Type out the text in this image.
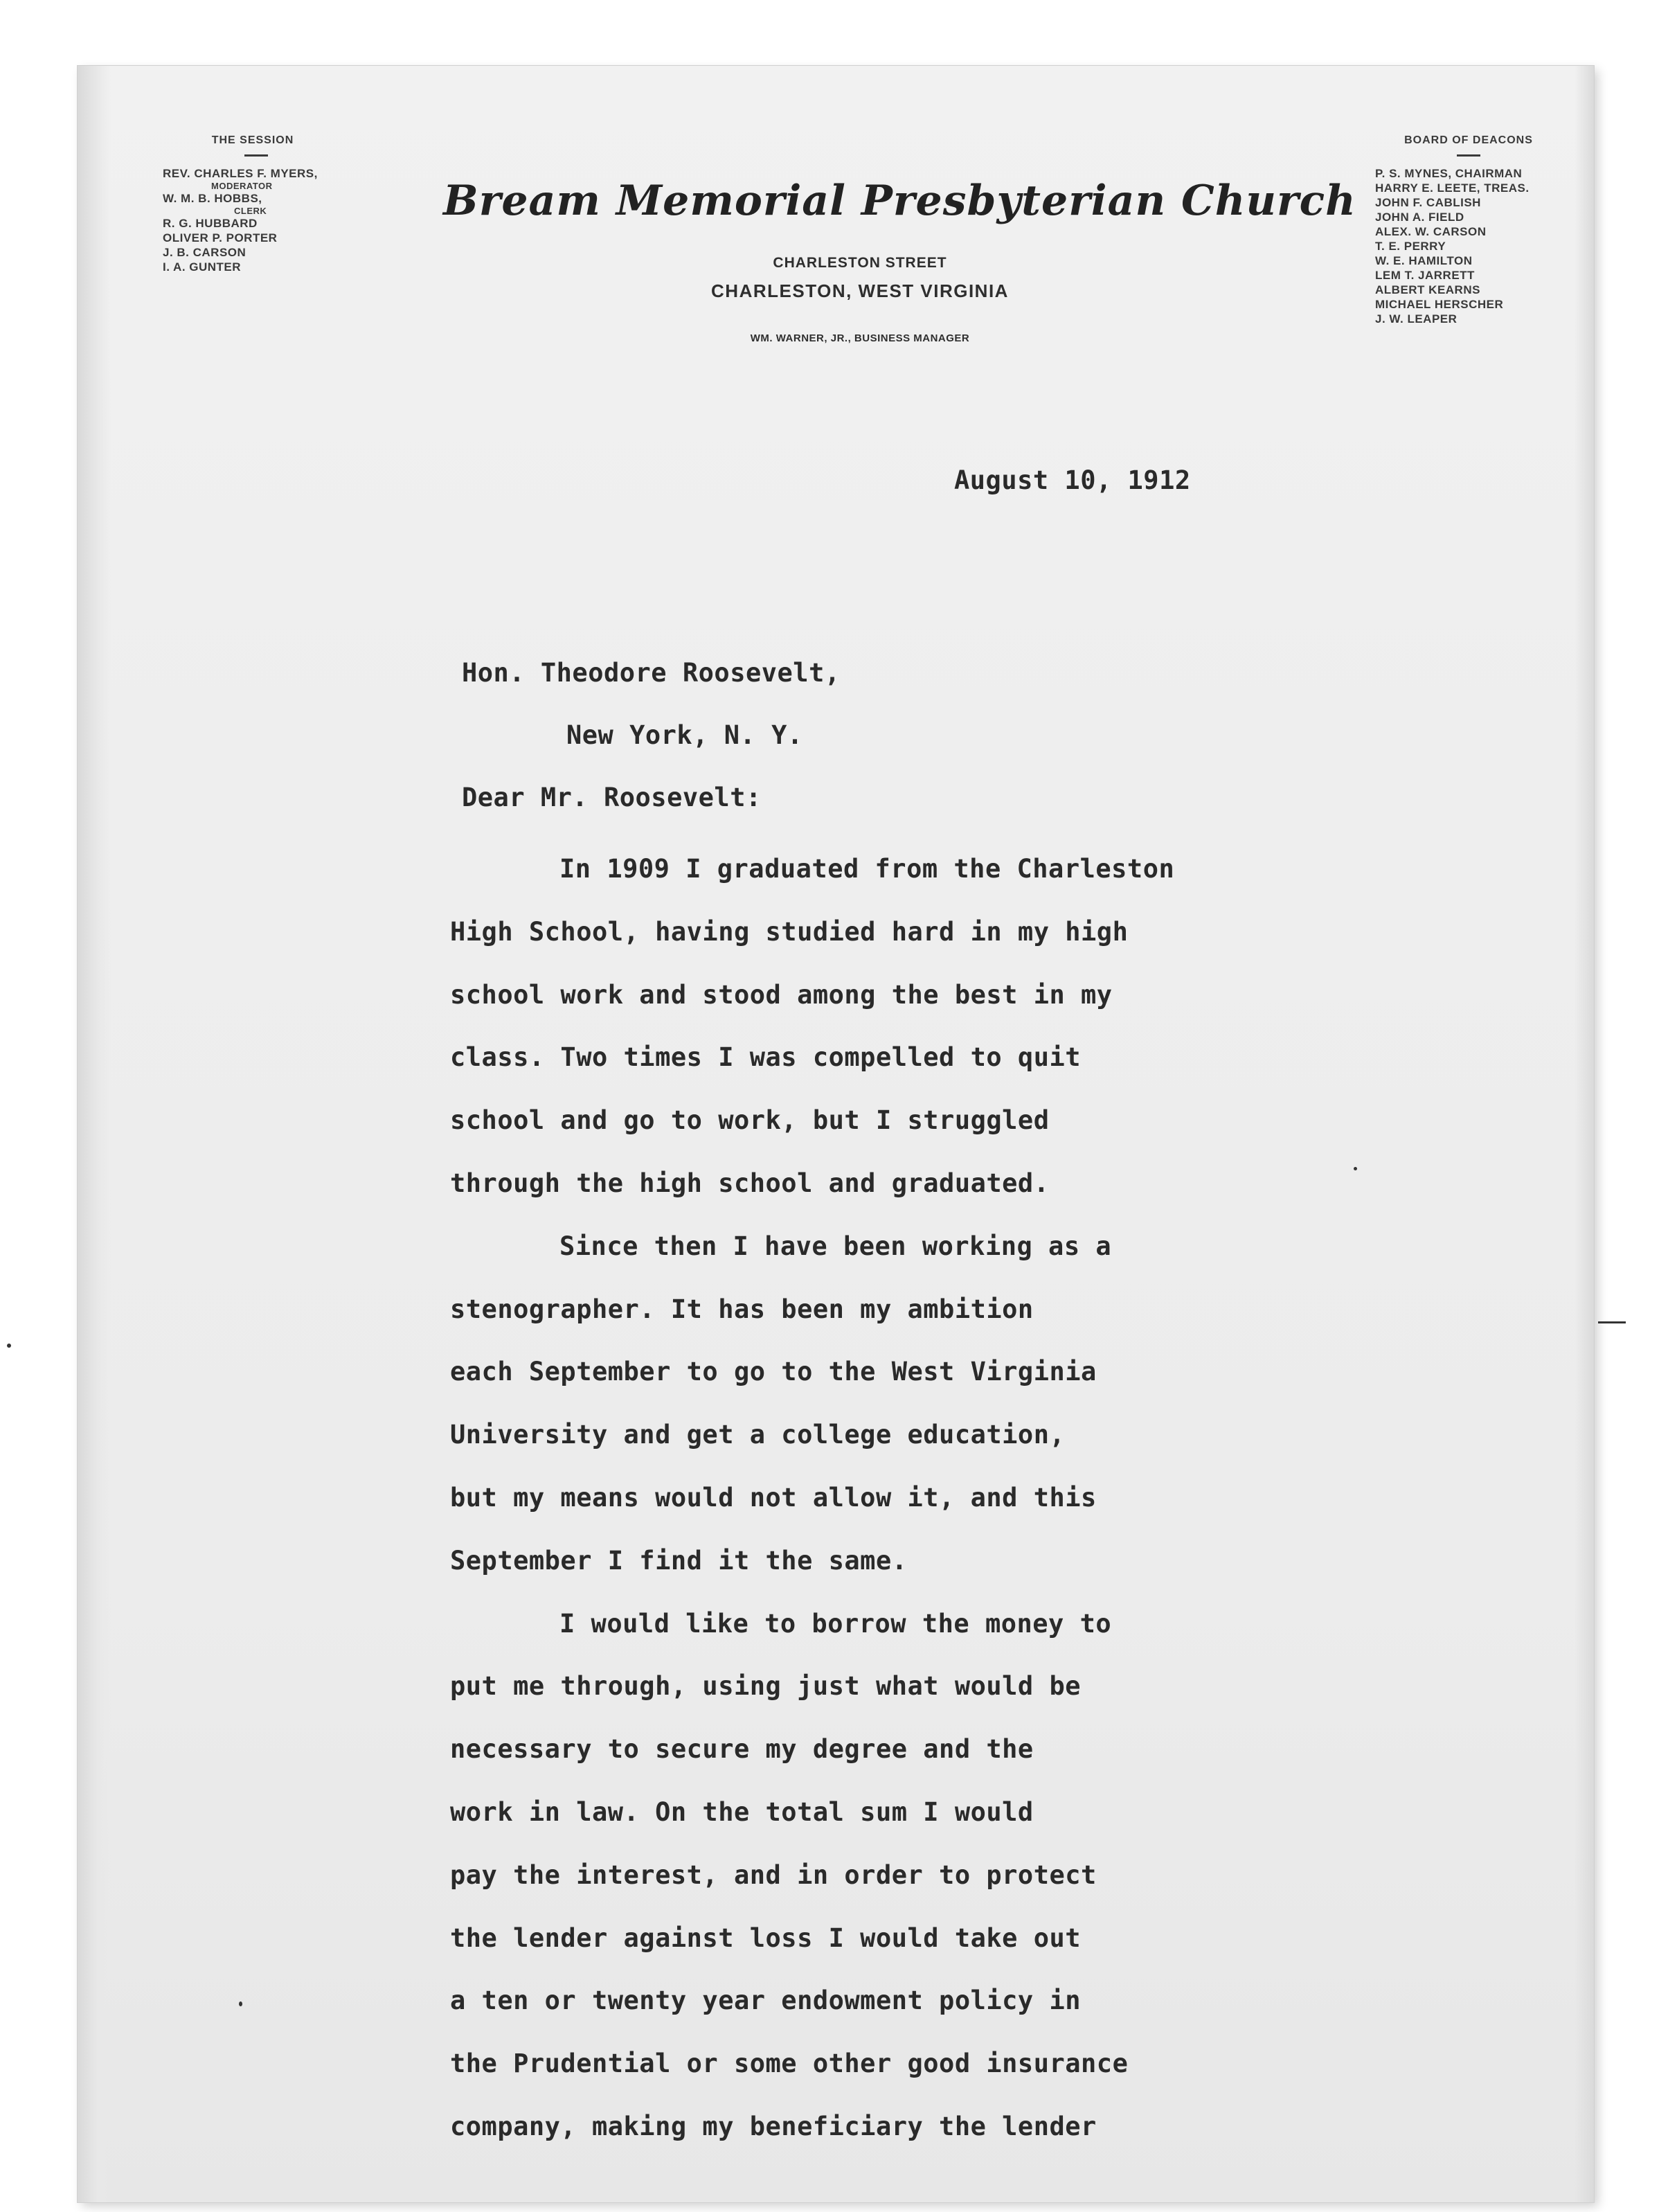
THE SESSION
REV. CHARLES F. MYERS,
MODERATOR
W. M. B. HOBBS,
CLERK
R. G. HUBBARD
OLIVER P. PORTER
J. B. CARSON
I. A. GUNTER
Bream Memorial Presbyterian Church
CHARLESTON STREET
CHARLESTON, WEST VIRGINIA
WM. WARNER, JR., BUSINESS MANAGER
BOARD OF DEACONS
P. S. MYNES, CHAIRMAN
HARRY E. LEETE, TREAS.
JOHN F. CABLISH
JOHN A. FIELD
ALEX. W. CARSON
T. E. PERRY
W. E. HAMILTON
LEM T. JARRETT
ALBERT KEARNS
MICHAEL HERSCHER
J. W. LEAPER
August 10, 1912
Hon. Theodore Roosevelt,
New York, N. Y.
Dear Mr. Roosevelt:
In 1909 I graduated from the Charleston
High School, having studied hard in my high
school work and stood among the best in my
class. Two times I was compelled to quit
school and go to work, but I struggled
through the high school and graduated.
Since then I have been working as a
stenographer. It has been my ambition
each September to go to the West Virginia
University and get a college education,
but my means would not allow it, and this
September I find it the same.
I would like to borrow the money to
put me through, using just what would be
necessary to secure my degree and the
work in law. On the total sum I would
pay the interest, and in order to protect
the lender against loss I would take out
a ten or twenty year endowment policy in
the Prudential or some other good insurance
company, making my beneficiary the lender
